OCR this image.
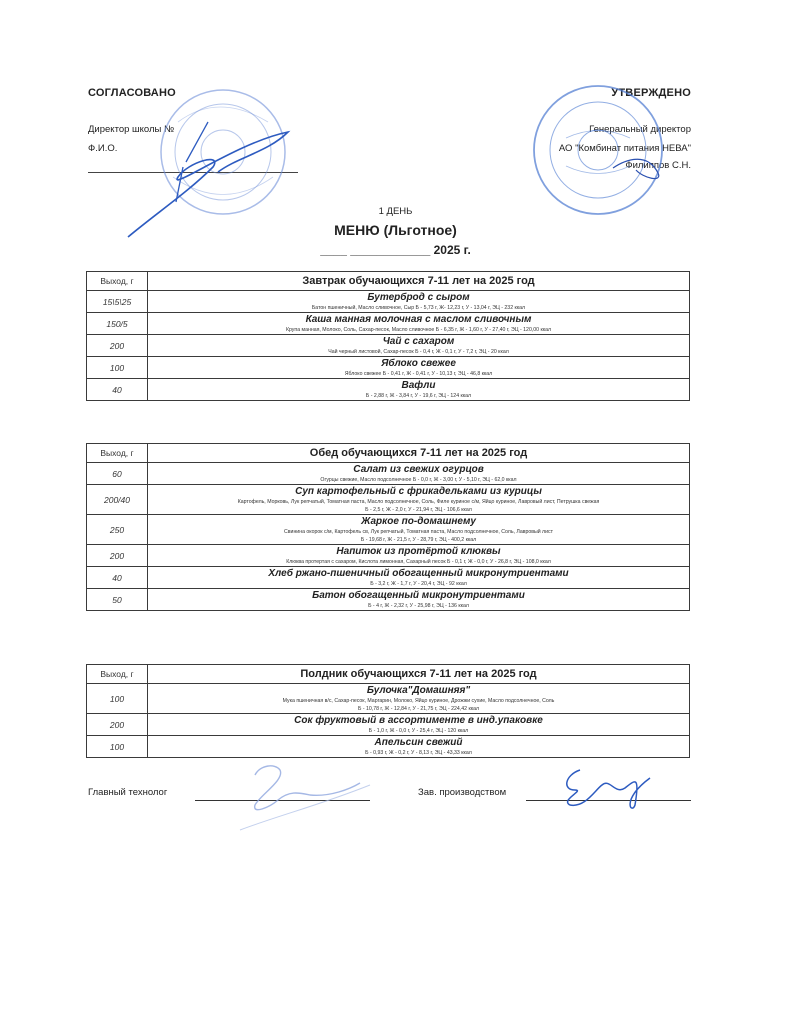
СОГЛАСОВАНО
Директор школы №
Ф.И.О.
УТВЕРЖДЕНО
Генеральный директор
АО "Комбинат питания НЕВА"
Филиппов С.Н.
1 ДЕНЬ
МЕНЮ (Льготное)
____ ____________ 2025 г.
Выход, г	Завтрак обучающихся 7-11 лет на 2025 год
15\5\25	Бутерброд с сыром
Батон пшеничный, Масло сливочное, Сыр Б - 5,73 г, Ж- 12,23 г, У - 13,04 г, ЭЦ - 232 ккал

150/5	Каша манная молочная с маслом сливочным
Крупа манная, Молоко, Соль, Сахар-песок, Масло сливочное Б - 6,35 г, Ж - 1,60 г, У - 27,40 г, ЭЦ - 120,00 ккал

200	Чай с сахаром
Чай черный листовой, Сахар-песок Б - 0,4 г, Ж - 0,1 г, У - 7,2 г, ЭЦ - 20 ккал

100	Яблоко свежее
Яблоко свежее Б - 0,41 г, Ж - 0,41 г, У - 10,13 г, ЭЦ - 46,8 ккал

40	Вафли
Б - 2,88 г, Ж - 3,84 г, У - 19,6 г, ЭЦ - 124 ккал
Выход, г	Обед обучающихся 7-11 лет на 2025 год
60	Салат из свежих огурцов
Огурцы свежие, Масло подсолнечное Б - 0,0 г, Ж - 3,00 г, У - 5,10 г, ЭЦ - 62,0 ккал

200/40	Суп картофельный с фрикадельками из курицы
Картофель, Морковь, Лук репчатый, Томатная паста, Масло подсолнечное, Соль, Филе куриное с/м, Яйцо куриное, Лавровый лист, Петрушка свежая
Б - 2,5 г, Ж - 2,0 г, У - 21,94 г, ЭЦ - 106,6 ккал

250	Жаркое по-домашнему
Свинина окорок с/м, Картофель св, Лук репчатый, Томатная паста, Масло подсолнечное, Соль, Лавровый лист
Б - 19,68 г, Ж - 21,5 г, У - 28,79 г, ЭЦ - 400,2 ккал

200	Напиток из протёртой клюквы
Клюква протертая с сахаром, Кислота лимонная, Сахарный песок Б - 0,1 г, Ж - 0,0 г, У - 26,8 г, ЭЦ - 108,0 ккал

40	Хлеб ржано-пшеничный обогащенный микронутриентами
Б - 3,2 г, Ж - 1,7 г, У - 20,4 г, ЭЦ - 92 ккал

50	Батон обогащенный микронутриентами
Б - 4 г, Ж - 2,32 г, У - 25,98 г, ЭЦ - 136 ккал
Выход, г	Полдник обучающихся 7-11 лет на 2025 год
100	Булочка"Домашняя"
Мука пшеничная в/с, Сахар-песок, Маргарин, Молоко, Яйцо куриное, Дрожжи сухие, Масло подсолнечное, Соль
Б - 10,78 г, Ж - 12,84 г, У - 21,75 г, ЭЦ - 224,42 ккал

200	Сок фруктовый в ассортименте в инд.упаковке
Б - 1,0 г, Ж - 0,0 г, У - 25,4 г, ЭЦ - 120 ккал

100	Апельсин свежий
Б - 0,93 г, Ж - 0,2 г, У - 8,13 г, ЭЦ - 43,33 ккал
Главный технолог	Зав. производством
